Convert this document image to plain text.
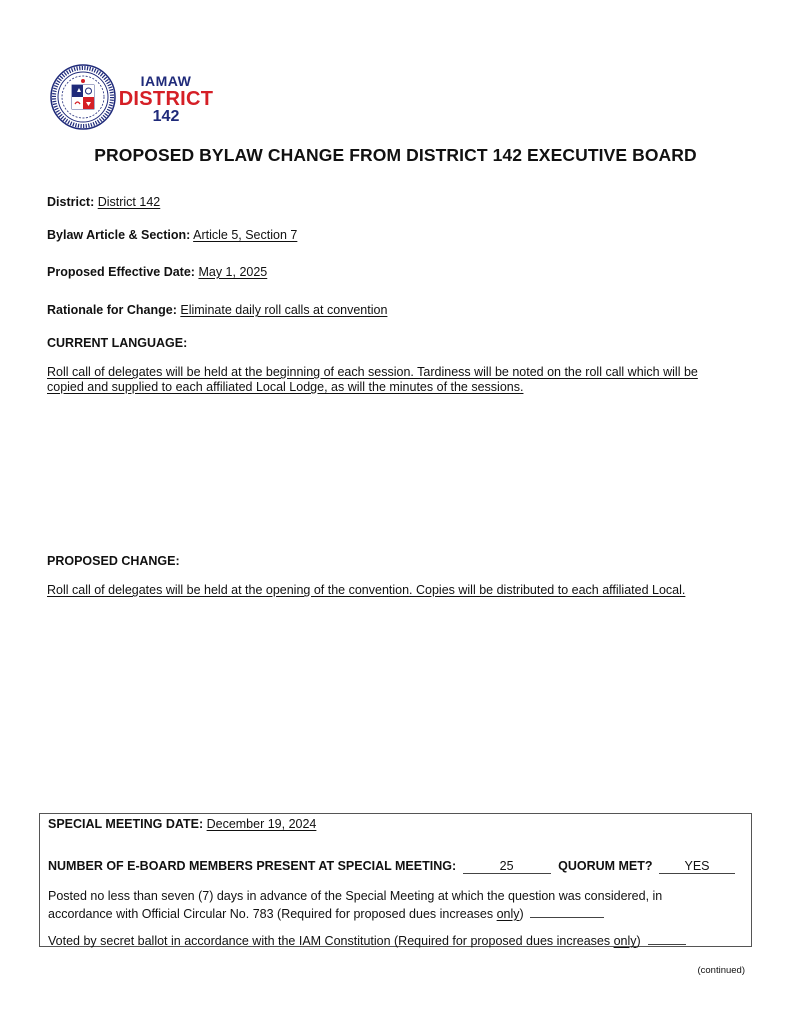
IAMAW
DISTRICT
142
PROPOSED BYLAW CHANGE FROM DISTRICT 142 EXECUTIVE BOARD
District: District 142
Bylaw Article & Section: Article 5, Section 7
Proposed Effective Date: May 1, 2025
Rationale for Change: Eliminate daily roll calls at convention
CURRENT LANGUAGE:
Roll call of delegates will be held at the beginning of each session. Tardiness will be noted on the roll call which will be copied and supplied to each affiliated Local Lodge, as will the minutes of the sessions.
PROPOSED CHANGE:
Roll call of delegates will be held at the opening of the convention. Copies will be distributed to each affiliated Local.
SPECIAL MEETING DATE: December 19, 2024
NUMBER OF E-BOARD MEMBERS PRESENT AT SPECIAL MEETING:	25	QUORUM MET?	YES
Posted no less than seven (7) days in advance of the Special Meeting at which the question was considered, in
accordance with Official Circular No. 783 (Required for proposed dues increases only)
Voted by secret ballot in accordance with the IAM Constitution (Required for proposed dues increases only)
(continued)
